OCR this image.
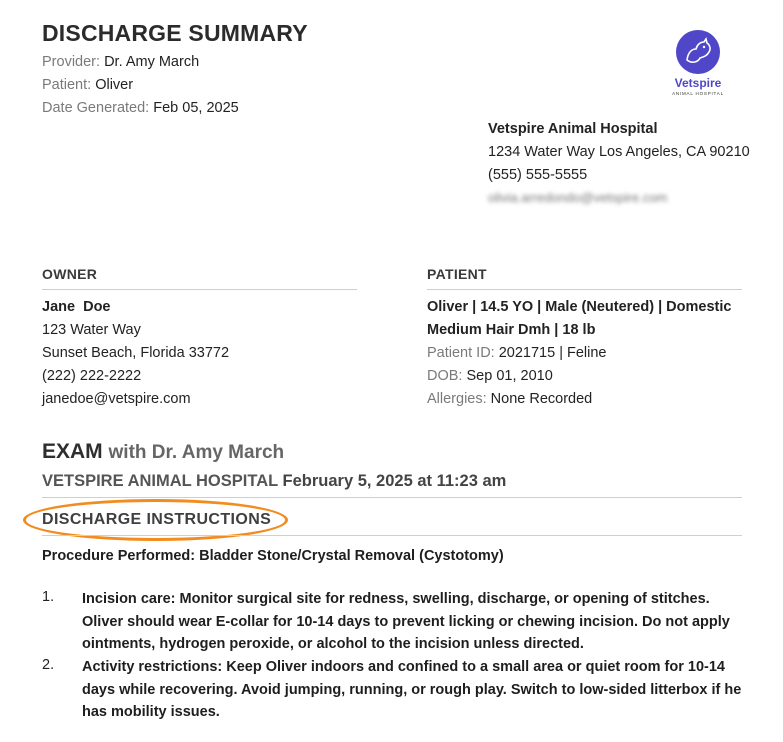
DISCHARGE SUMMARY
Provider: Dr. Amy March
Patient: Oliver
Date Generated: Feb 05, 2025
Vetspire
ANIMAL HOSPITAL
Vetspire Animal Hospital
1234 Water Way Los Angeles, CA 90210
(555) 555-5555
olivia.arredondo@vetspire.com
OWNER
Jane  Doe
123 Water Way
Sunset Beach, Florida 33772
(222) 222-2222
janedoe@vetspire.com
PATIENT
Oliver | 14.5 YO | Male (Neutered) | Domestic
Medium Hair Dmh | 18 lb
Patient ID: 2021715 | Feline
DOB: Sep 01, 2010
Allergies: None Recorded
EXAM with Dr. Amy March
VETSPIRE ANIMAL HOSPITAL February 5, 2025 at 11:23 am
DISCHARGE INSTRUCTIONS
Procedure Performed: Bladder Stone/Crystal Removal (Cystotomy)
1. Incision care: Monitor surgical site for redness, swelling, discharge, or opening of stitches. Oliver should wear E-collar for 10-14 days to prevent licking or chewing incision. Do not apply ointments, hydrogen peroxide, or alcohol to the incision unless directed.
2. Activity restrictions: Keep Oliver indoors and confined to a small area or quiet room for 10-14 days while recovering. Avoid jumping, running, or rough play. Switch to low-sided litterbox if he has mobility issues.
